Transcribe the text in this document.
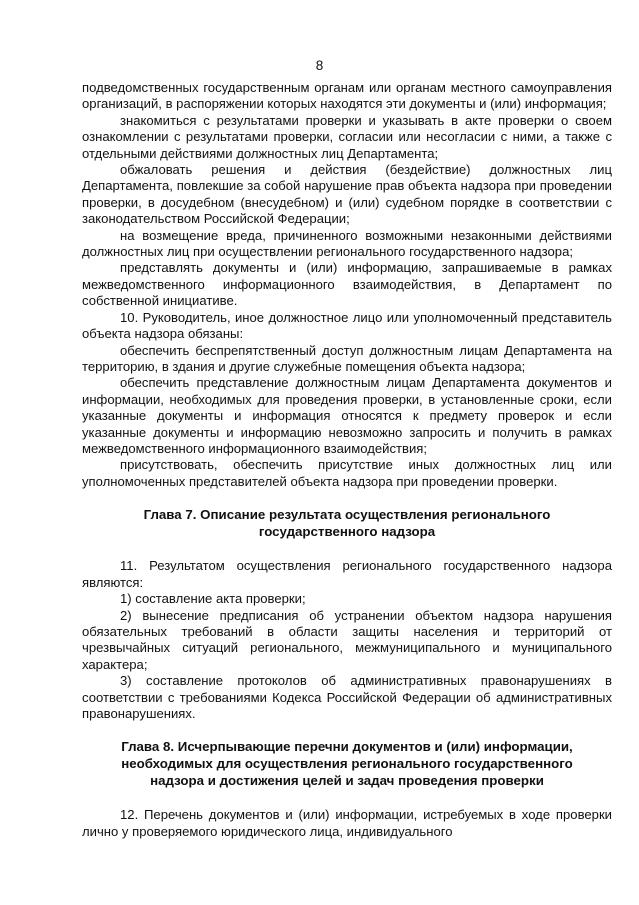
8

подведомственных государственным органам или органам местного самоуправления организаций, в распоряжении которых находятся эти документы и (или) информация;

знакомиться с результатами проверки и указывать в акте проверки о своем ознакомлении с результатами проверки, согласии или несогласии с ними, а также с отдельными действиями должностных лиц Департамента;

обжаловать решения и действия (бездействие) должностных лиц Департамента, повлекшие за собой нарушение прав объекта надзора при проведении проверки, в досудебном (внесудебном) и (или) судебном порядке в соответствии с законодательством Российской Федерации;

на возмещение вреда, причиненного возможными незаконными действиями должностных лиц при осуществлении регионального государственного надзора;

представлять документы и (или) информацию, запрашиваемые в рамках межведомственного информационного взаимодействия, в Департамент по собственной инициативе.

10. Руководитель, иное должностное лицо или уполномоченный представитель объекта надзора обязаны:

обеспечить беспрепятственный доступ должностным лицам Департамента на территорию, в здания и другие служебные помещения объекта надзора;

обеспечить представление должностным лицам Департамента документов и информации, необходимых для проведения проверки, в установленные сроки, если указанные документы и информация относятся к предмету проверок и если указанные документы и информацию невозможно запросить и получить в рамках межведомственного информационного взаимодействия;

присутствовать, обеспечить присутствие иных должностных лиц или уполномоченных представителей объекта надзора при проведении проверки.

Глава 7. Описание результата осуществления регионального
государственного надзора

11. Результатом осуществления регионального государственного надзора являются:

1) составление акта проверки;

2) вынесение предписания об устранении объектом надзора нарушения обязательных требований в области защиты населения и территорий от чрезвычайных ситуаций регионального, межмуниципального и муниципального характера;

3) составление протоколов об административных правонарушениях в соответствии с требованиями Кодекса Российской Федерации об административных правонарушениях.

Глава 8. Исчерпывающие перечни документов и (или) информации,
необходимых для осуществления регионального государственного
надзора и достижения целей и задач проведения проверки

12. Перечень документов и (или) информации, истребуемых в ходе проверки лично у проверяемого юридического лица, индивидуального
